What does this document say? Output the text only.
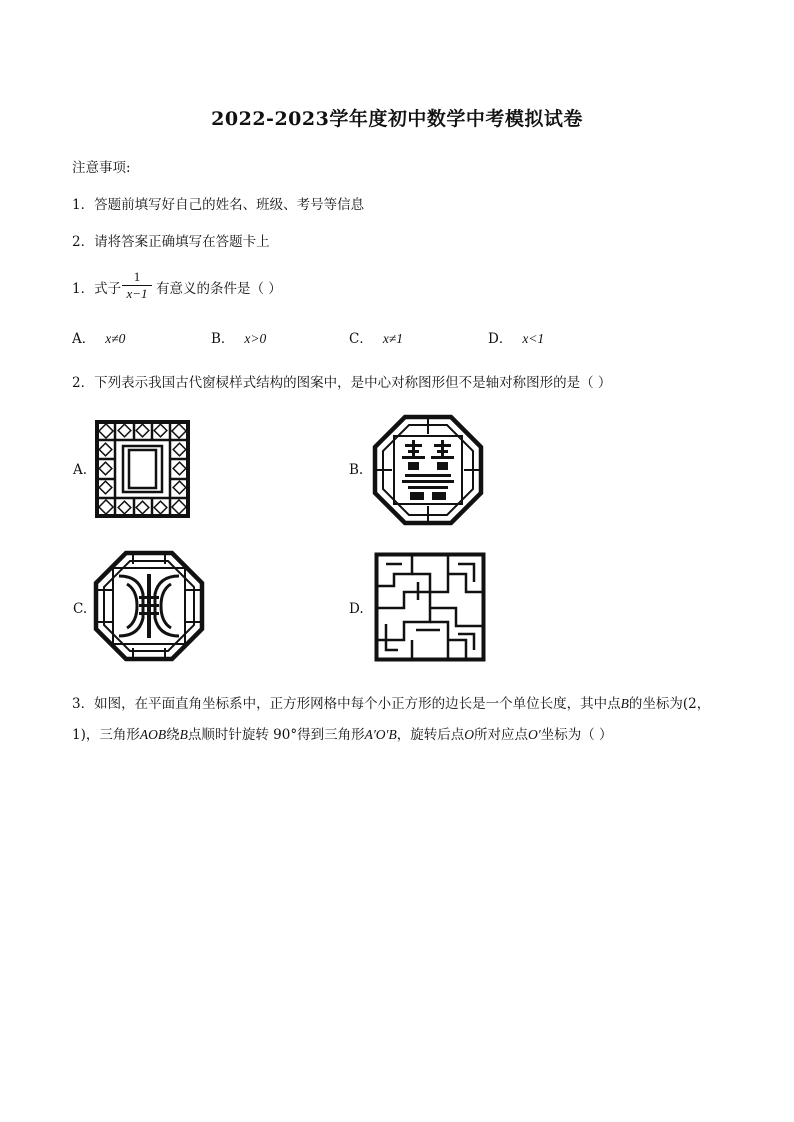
2022-2023学年度初中数学中考模拟试卷
注意事项:
1．答题前填写好自己的姓名、班级、考号等信息
2．请将答案正确填写在答题卡上
1．式子
1
x−1 有意义的条件是（ ）
A． x≠0	B． x>0	C． x≠1	D． x<1
2．下列表示我国古代窗棂样式结构的图案中，是中心对称图形但不是轴对称图形的是（ ）
A.	B.
C.	D.
3．如图，在平面直角坐标系中，正方形网格中每个小正方形的边长是一个单位长度，其中点B的坐标为(2，
1)，三角形AOB绕B点顺时针旋转 90°得到三角形A′O′B，旋转后点O所对应点O′坐标为（ ）
